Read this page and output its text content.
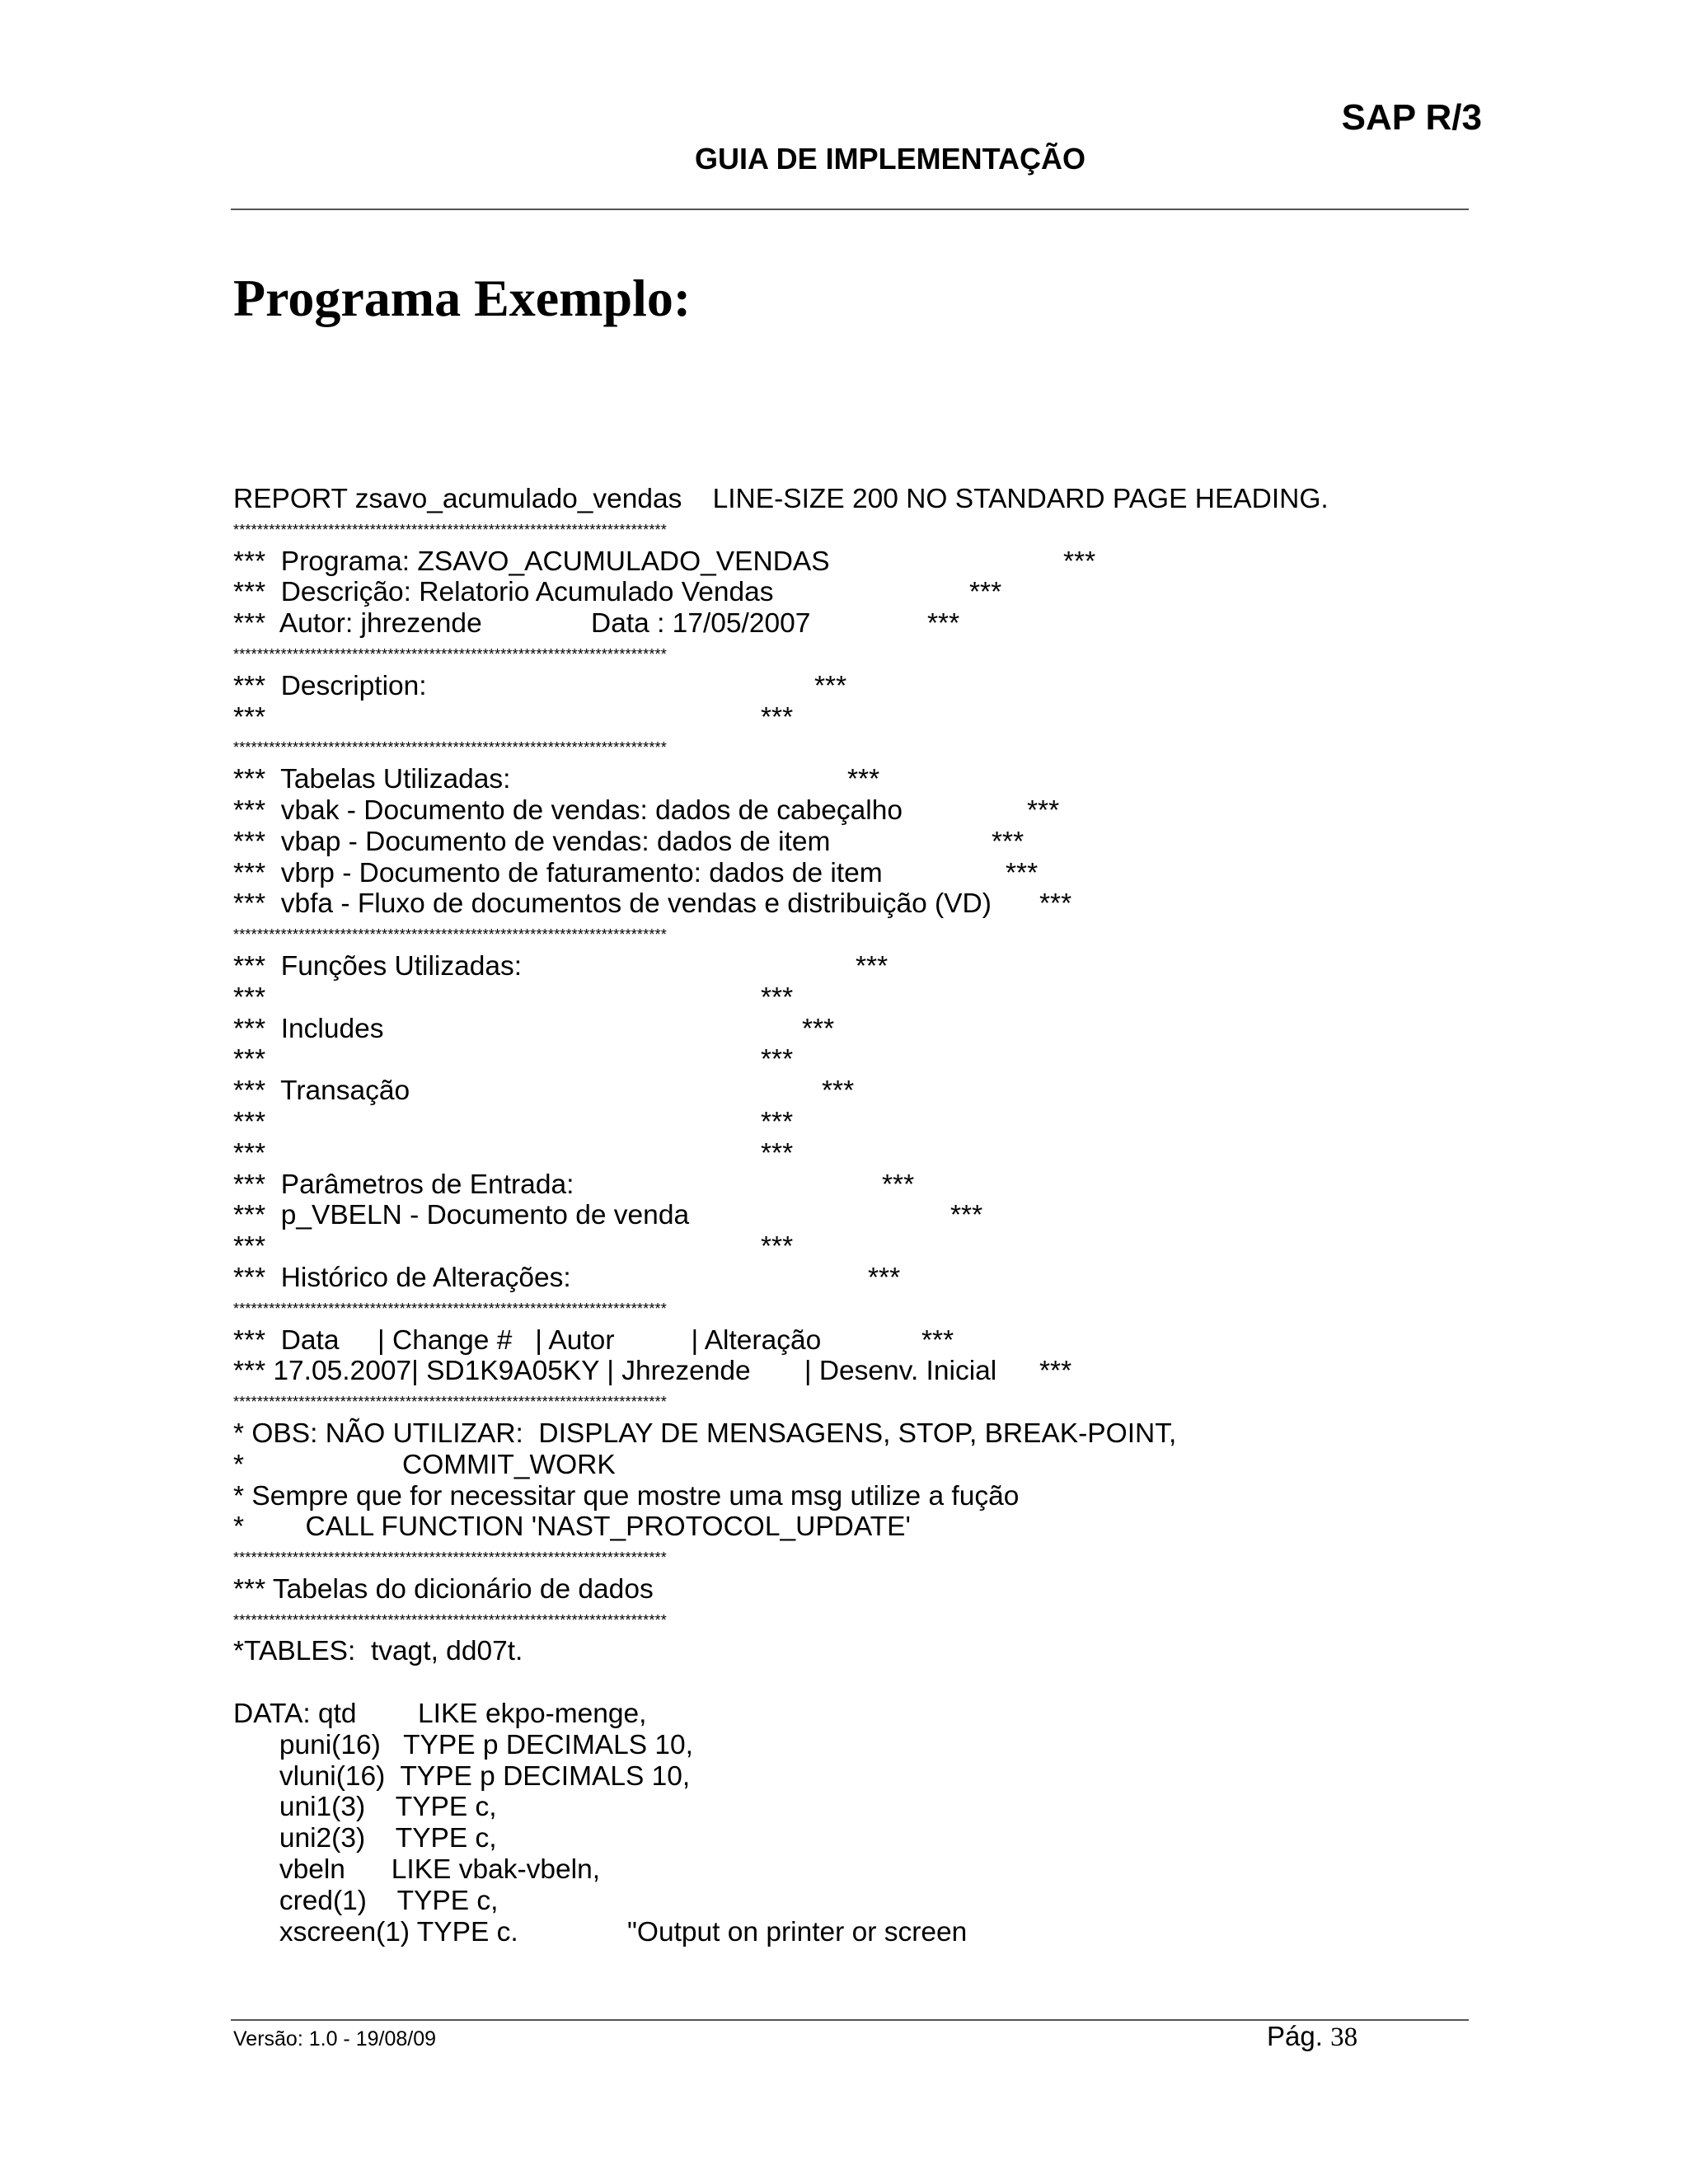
SAP R/3
GUIA DE IMPLEMENTAÇÃO
Programa Exemplo:
REPORT zsavo_acumulado_vendas    LINE-SIZE 200 NO STANDARD PAGE HEADING.
*************************************************************************
***  Programa: ZSAVO_ACUMULADO_VENDAS	***
***  Descrição: Relatorio Acumulado Vendas	***
***  Autor: jhrezende	Data : 17/05/2007	***
*************************************************************************
***  Description:	***
***	***
*************************************************************************
***  Tabelas Utilizadas:	***
***  vbak - Documento de vendas: dados de cabeçalho	***
***  vbap - Documento de vendas: dados de item	***
***  vbrp - Documento de faturamento: dados de item	***
***  vbfa - Fluxo de documentos de vendas e distribuição (VD) ***
*************************************************************************
***  Funções Utilizadas:	***
***	***
***  Includes	***
***	***
***  Transação	***
***	***
***	***
***  Parâmetros de Entrada:	***
***  p_VBELN - Documento de venda	***
***	***
***  Histórico de Alterações:	***
*************************************************************************
***  Data     | Change #   | Autor          | Alteração	***
*** 17.05.2007| SD1K9A05KY | Jhrezende       | Desenv. Inicial ***
*************************************************************************
* OBS: NÃO UTILIZAR:  DISPLAY DE MENSAGENS, STOP, BREAK-POINT,
*	COMMIT_WORK
* Sempre que for necessitar que mostre uma msg utilize a fução
*        CALL FUNCTION 'NAST_PROTOCOL_UPDATE'
*************************************************************************
*** Tabelas do dicionário de dados
*************************************************************************
*TABLES:  tvagt, dd07t.
DATA: qtd        LIKE ekpo-menge,
puni(16)   TYPE p DECIMALS 10,
vluni(16)  TYPE p DECIMALS 10,
uni1(3)    TYPE c,
uni2(3)    TYPE c,
vbeln      LIKE vbak-vbeln,
cred(1)    TYPE c,
xscreen(1) TYPE c.	"Output on printer or screen
Versão: 1.0 - 19/08/09	Pág. 38
